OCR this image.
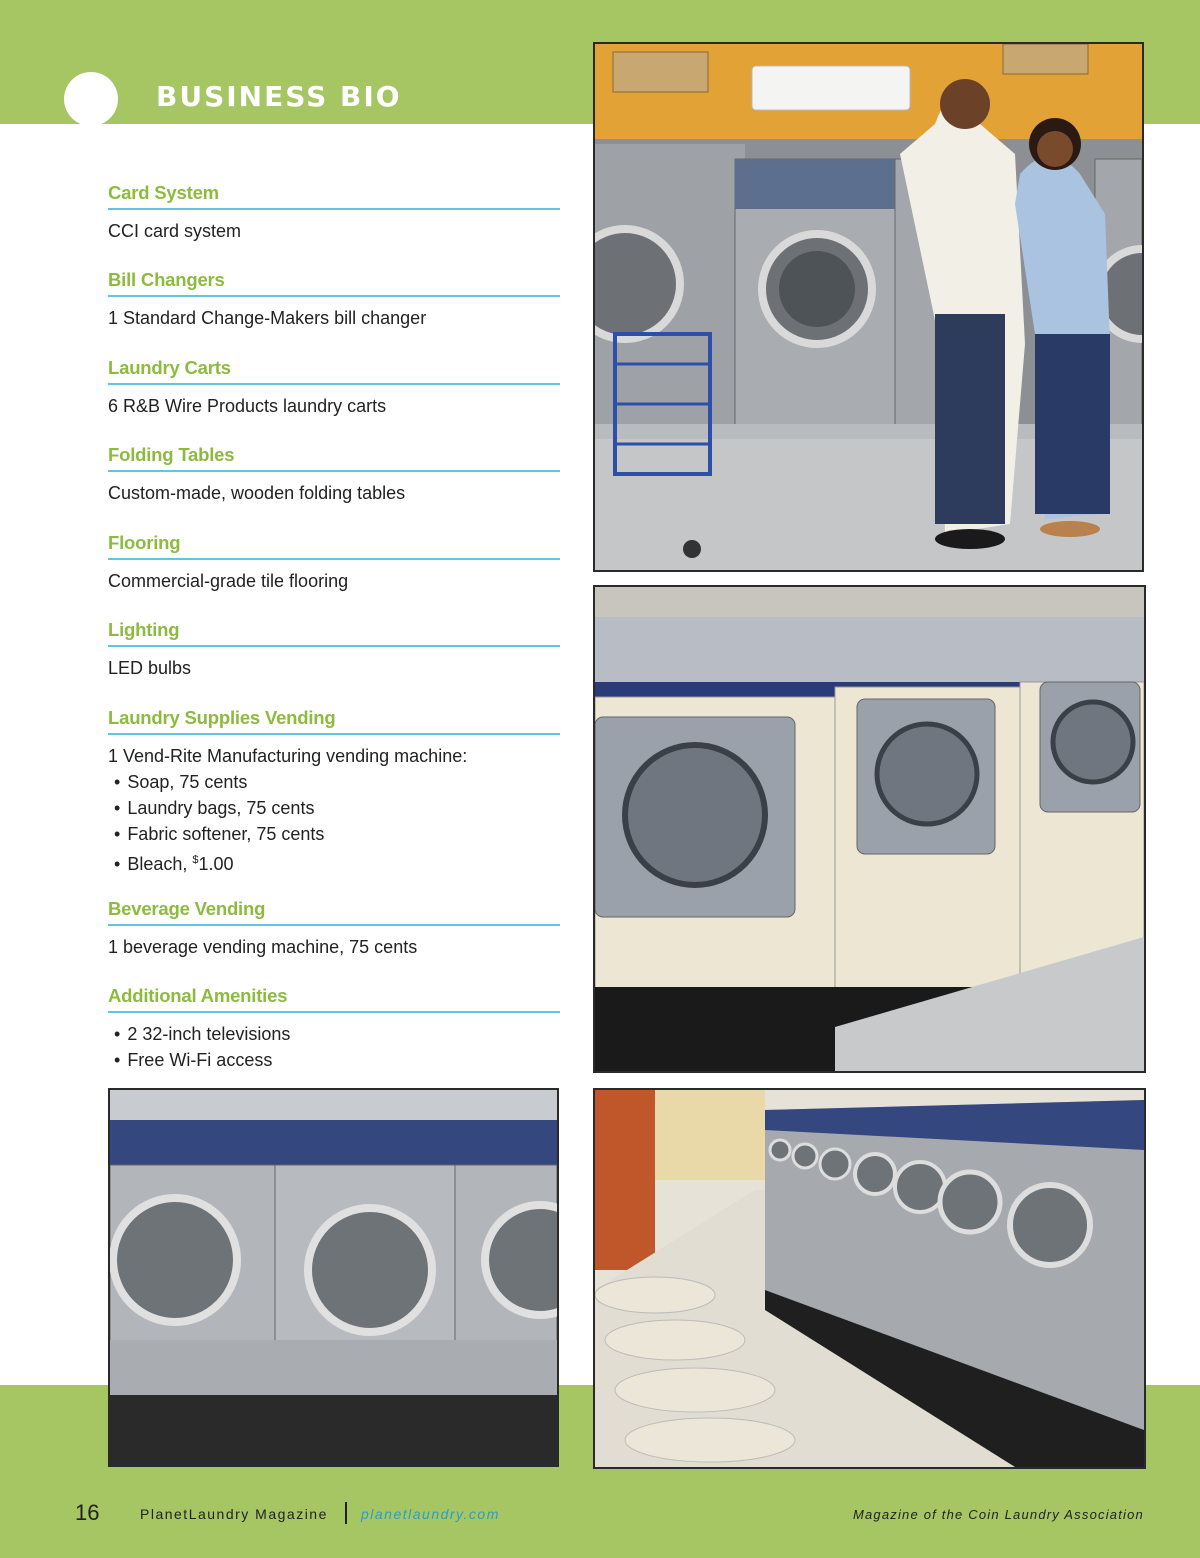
BUSINESS BIO
Card System

CCI card system

Bill Changers

1 Standard Change-Makers bill changer

Laundry Carts

6 R&B Wire Products laundry carts

Folding Tables

Custom-made, wooden folding tables

Flooring

Commercial-grade tile flooring

Lighting

LED bulbs

Laundry Supplies Vending

1 Vend-Rite Manufacturing vending machine:

• Soap, 75 cents
• Laundry bags, 75 cents
• Fabric softener, 75 cents
• Bleach, $1.00
Beverage Vending

1 beverage vending machine, 75 cents

Additional Amenities
• 2 32-inch televisions
• Free Wi-Fi access
16	PlanetLaundry Magazine planetlaundry.com	Magazine of the Coin Laundry Association
